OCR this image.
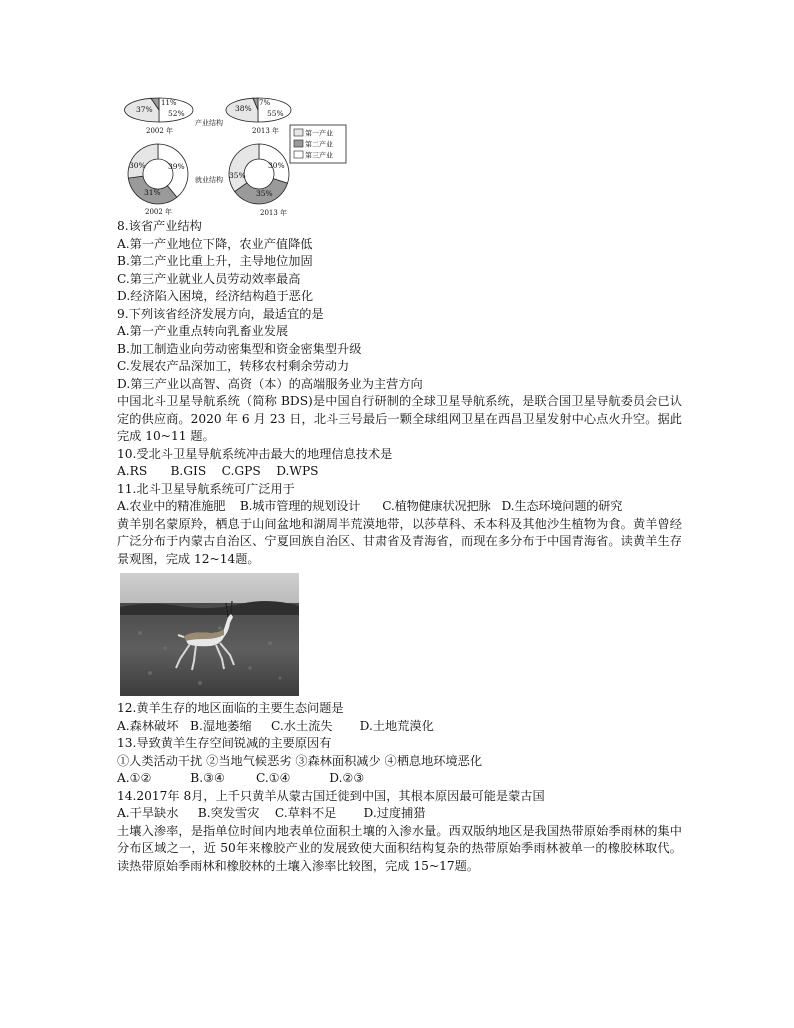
37%
11%
52%
产业结构
2002 年
38%
7%
55%
2013 年	第一产业
第二产业
第三产业
39%
31%
30%
就业结构
2002 年
30%
35%
35%
2013 年
8.该省产业结构
A.第一产业地位下降，农业产值降低
B.第二产业比重上升，主导地位加固
C.第三产业就业人员劳动效率最高
D.经济陷入困境，经济结构趋于恶化
9.下列该省经济发展方向，最适宜的是
A.第一产业重点转向乳畜业发展
B.加工制造业向劳动密集型和资金密集型升级
C.发展农产品深加工，转移农村剩余劳动力
D.第三产业以高智、高资（本）的高端服务业为主营方向
中国北斗卫星导航系统（简称 BDS)是中国自行研制的全球卫星导航系统，是联合国卫星导航委员会已认定的供应商。2020 年 6 月 23 日，北斗三号最后一颗全球组网卫星在西昌卫星发射中心点火升空。据此完成 10~11 题。
10.受北斗卫星导航系统冲击最大的地理信息技术是
A.RS      B.GIS    C.GPS    D.WPS
11.北斗卫星导航系统可广泛用于
A.农业中的精准施肥    B.城市管理的规划设计      C.植物健康状况把脉   D.生态环境问题的研究
黄羊别名蒙原羚，栖息于山间盆地和湖周半荒漠地带，以莎草科、禾本科及其他沙生植物为食。黄羊曾经广泛分布于内蒙古自治区、宁夏回族自治区、甘肃省及青海省，而现在多分布于中国青海省。读黄羊生存景观图，完成 12~14题。
12.黄羊生存的地区面临的主要生态问题是
A.森林破坏   B.湿地萎缩     C.水土流失       D.土地荒漠化
13.导致黄羊生存空间锐减的主要原因有
①人类活动干扰 ②当地气候恶劣 ③森林面积减少 ④栖息地环境恶化
A.①②          B.③④        C.①④          D.②③
14.2017年 8月，上千只黄羊从蒙古国迁徙到中国，其根本原因最可能是蒙古国
A.干旱缺水     B.突发雪灾    C.草料不足       D.过度捕猎
土壤入渗率，是指单位时间内地表单位面积土壤的入渗水量。西双版纳地区是我国热带原始季雨林的集中分布区域之一，近 50年来橡胶产业的发展致使大面积结构复杂的热带原始季雨林被单一的橡胶林取代。读热带原始季雨林和橡胶林的土壤入渗率比较图，完成 15~17题。
